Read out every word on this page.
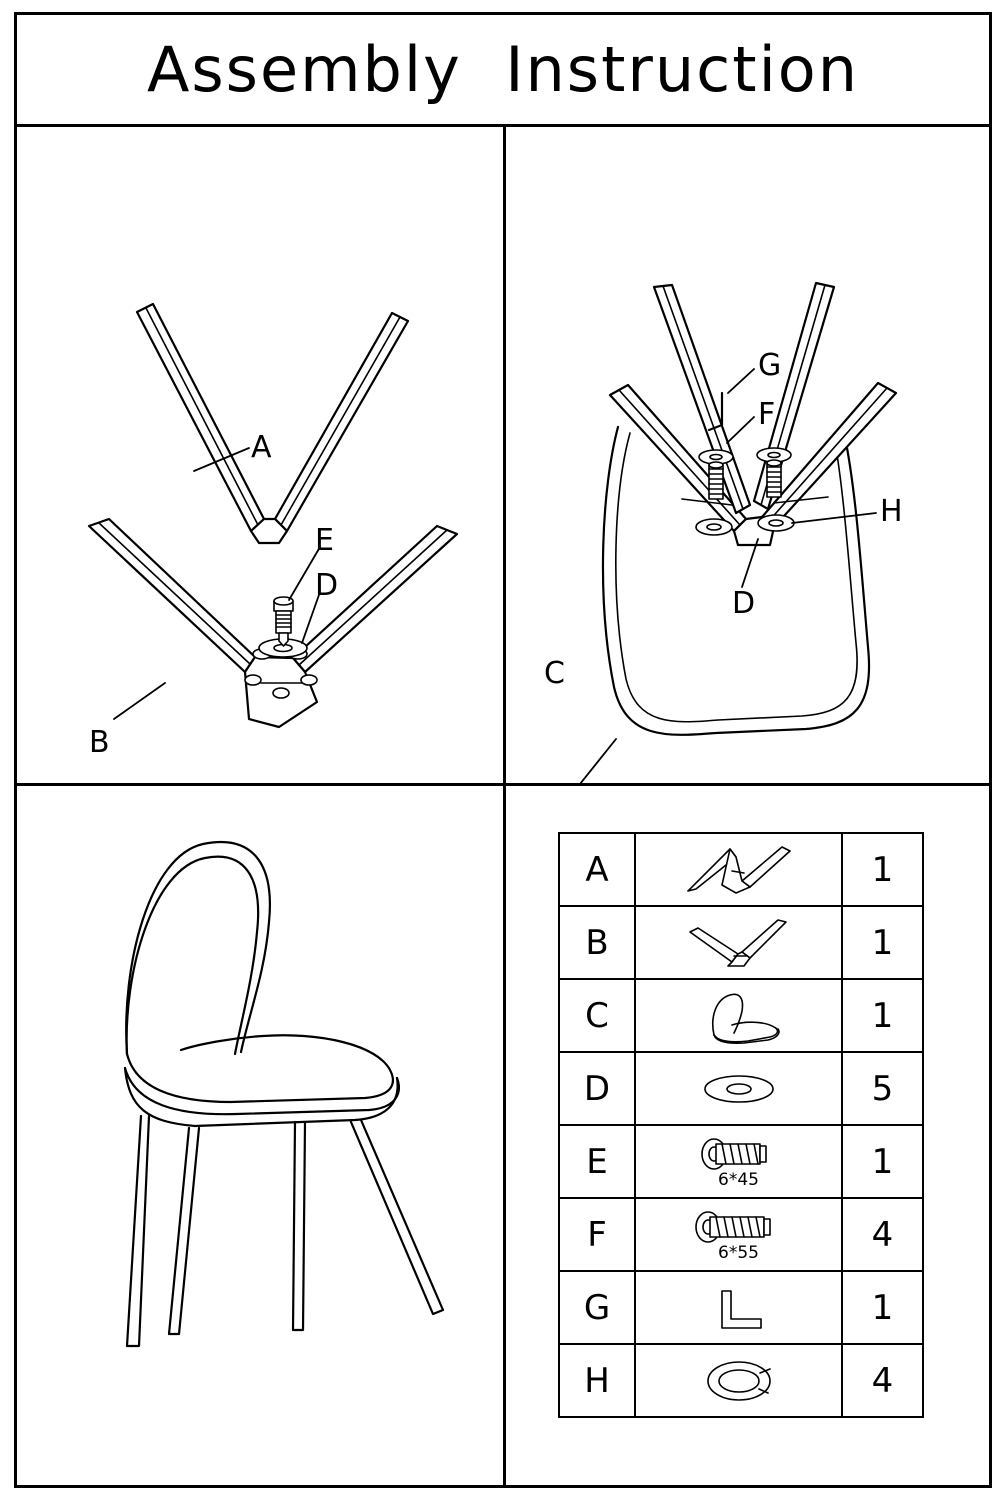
Assembly  Instruction
A
E
D
B
G
F
H
D
C
A		1
B		1
C		1
D		5
E	6*45	1
F	6*55	4
G		1
H		4
